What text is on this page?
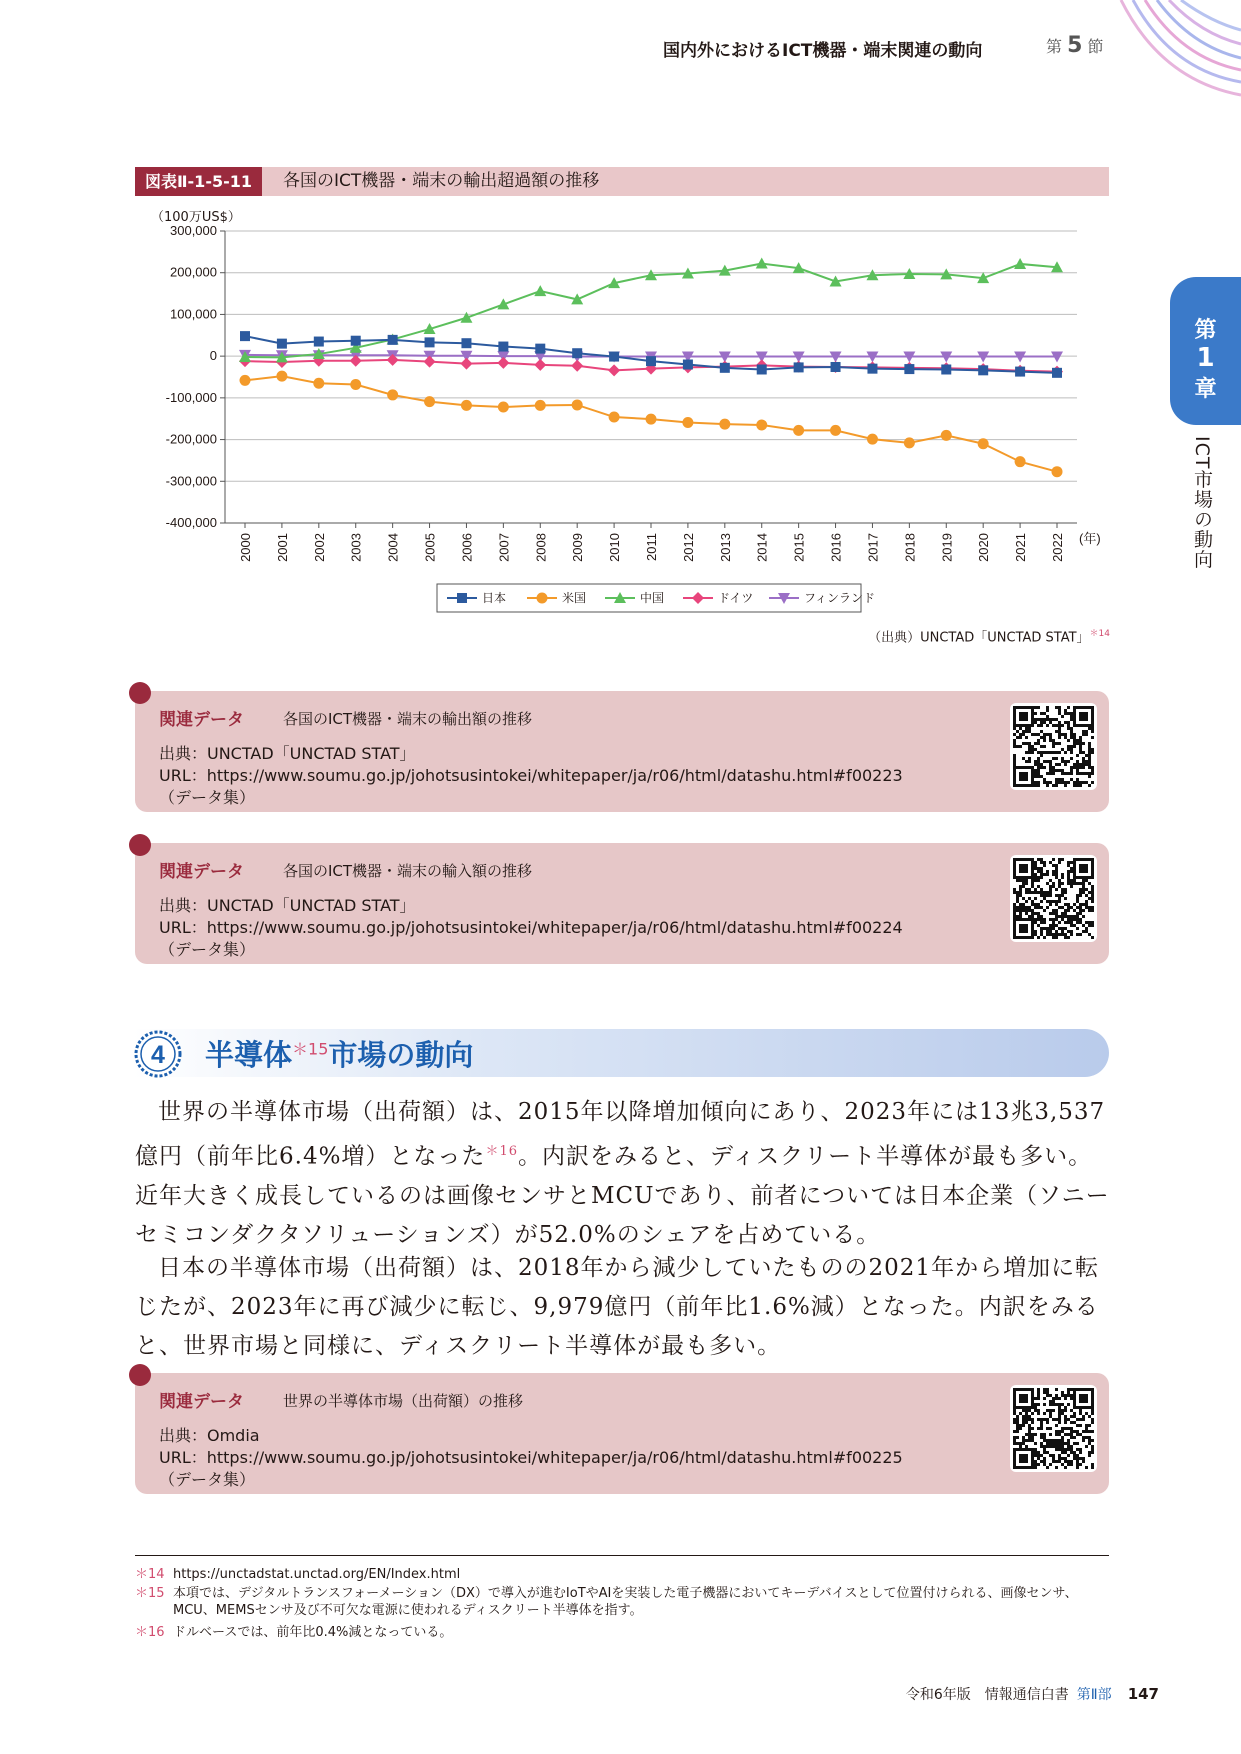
国内外におけるICT機器・端末関連の動向	第 5 節
第
1
章
ICT市場の動向
図表Ⅱ-1-5-11	各国のICT機器・端末の輸出超過額の推移
（100万US$）
300,000
200,000
100,000
0
-100,000
-200,000
-300,000
-400,000
2000 2001 2002 2003 2004 2005 2006 2007 2008 2009 2010 2011 2012 2013 2014 2015 2016 2017 2018 2019 2020 2021 2022 (年)
日本	米国	中国	ドイツ	フィンランド
（出典）UNCTAD「UNCTAD STAT」$^{*14}$
関連データ	各国のICT機器・端末の輸出額の推移
出典：UNCTAD「UNCTAD STAT」
URL：https://www.soumu.go.jp/johotsusintokei/whitepaper/ja/r06/html/datashu.html#f00223
（データ集）
関連データ	各国のICT機器・端末の輸入額の推移
出典：UNCTAD「UNCTAD STAT」
URL：https://www.soumu.go.jp/johotsusintokei/whitepaper/ja/r06/html/datashu.html#f00224
（データ集）
4 半導体$^{*15}$市場の動向
世界の半導体市場（出荷額）は、2015年以降増加傾向にあり、2023年には13兆3,537億円（前年比6.4%増）となった$^{*16}$。内訳をみると、ディスクリート半導体が最も多い。近年大きく成長しているのは画像センサとMCUであり、前者については日本企業（ソニーセミコンダクタソリューションズ）が52.0%のシェアを占めている。
日本の半導体市場（出荷額）は、2018年から減少していたものの2021年から増加に転じたが、2023年に再び減少に転じ、9,979億円（前年比1.6%減）となった。内訳をみると、世界市場と同様に、ディスクリート半導体が最も多い。
関連データ	世界の半導体市場（出荷額）の推移
出典：Omdia
URL：https://www.soumu.go.jp/johotsusintokei/whitepaper/ja/r06/html/datashu.html#f00225
（データ集）
＊14 https://unctadstat.unctad.org/EN/Index.html
＊15 本項では、デジタルトランスフォーメーション（DX）で導入が進むIoTやAIを実装した電子機器においてキーデバイスとして位置付けられる、画像センサ、MCU、MEMSセンサ及び不可欠な電源に使われるディスクリート半導体を指す。
＊16 ドルベースでは、前年比0.4%減となっている。
令和6年版　情報通信白書 第Ⅱ部 147
